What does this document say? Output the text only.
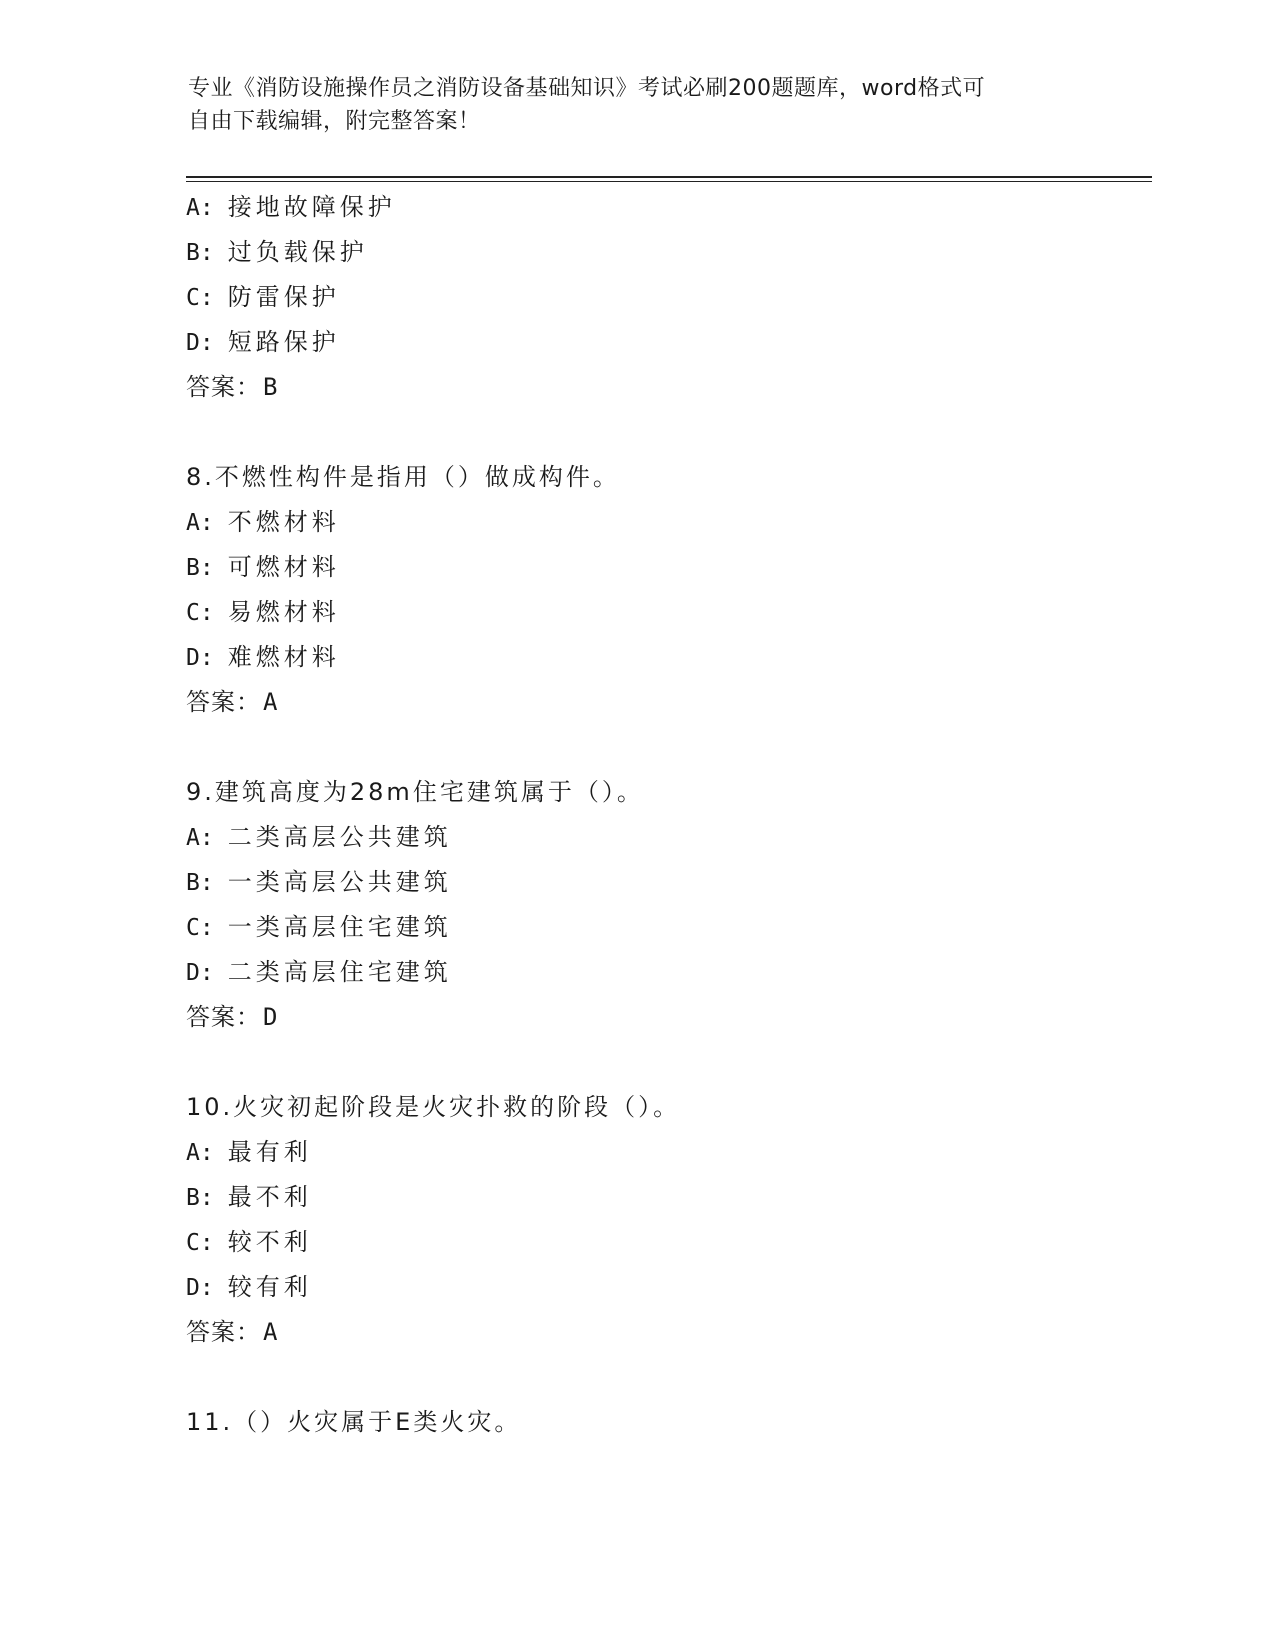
专业《消防设施操作员之消防设备基础知识》考试必刷200题题库，word格式可
自由下载编辑，附完整答案！
A: 接地故障保护
B: 过负载保护
C: 防雷保护
D: 短路保护
答案：B
8.不燃性构件是指用（）做成构件。
A: 不燃材料
B: 可燃材料
C: 易燃材料
D: 难燃材料
答案：A
9.建筑高度为28m住宅建筑属于（）。
A: 二类高层公共建筑
B: 一类高层公共建筑
C: 一类高层住宅建筑
D: 二类高层住宅建筑
答案：D
10.火灾初起阶段是火灾扑救的阶段（）。
A: 最有利
B: 最不利
C: 较不利
D: 较有利
答案：A
11.（）火灾属于E类火灾。
